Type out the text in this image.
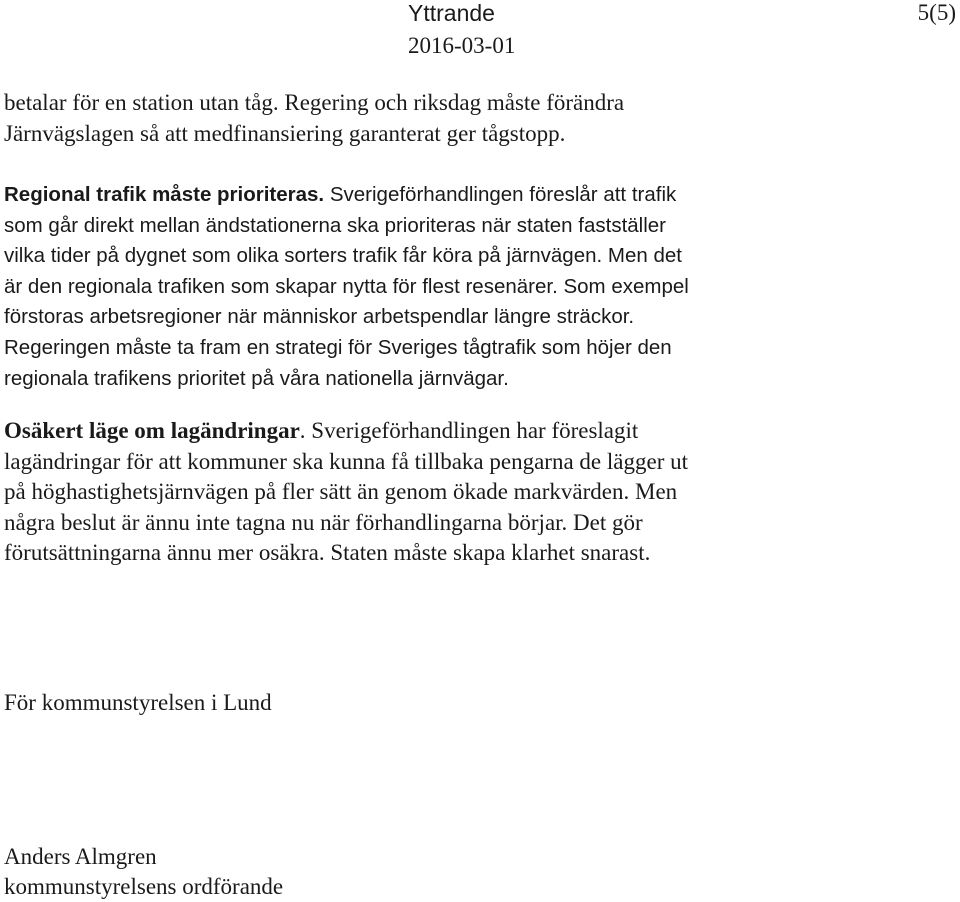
Yttrande	5(5)
2016-03-01
betalar för en station utan tåg. Regering och riksdag måste förändra
Järnvägslagen så att medfinansiering garanterat ger tågstopp.
Regional trafik måste prioriteras. Sverigeförhandlingen föreslår att trafik
som går direkt mellan ändstationerna ska prioriteras när staten fastställer
vilka tider på dygnet som olika sorters trafik får köra på järnvägen. Men det
är den regionala trafiken som skapar nytta för flest resenärer. Som exempel
förstoras arbetsregioner när människor arbetspendlar längre sträckor.
Regeringen måste ta fram en strategi för Sveriges tågtrafik som höjer den
regionala trafikens prioritet på våra nationella järnvägar.
Osäkert läge om lagändringar. Sverigeförhandlingen har föreslagit
lagändringar för att kommuner ska kunna få tillbaka pengarna de lägger ut
på höghastighetsjärnvägen på fler sätt än genom ökade markvärden. Men
några beslut är ännu inte tagna nu när förhandlingarna börjar. Det gör
förutsättningarna ännu mer osäkra. Staten måste skapa klarhet snarast.
För kommunstyrelsen i Lund
Anders Almgren
kommunstyrelsens ordförande
